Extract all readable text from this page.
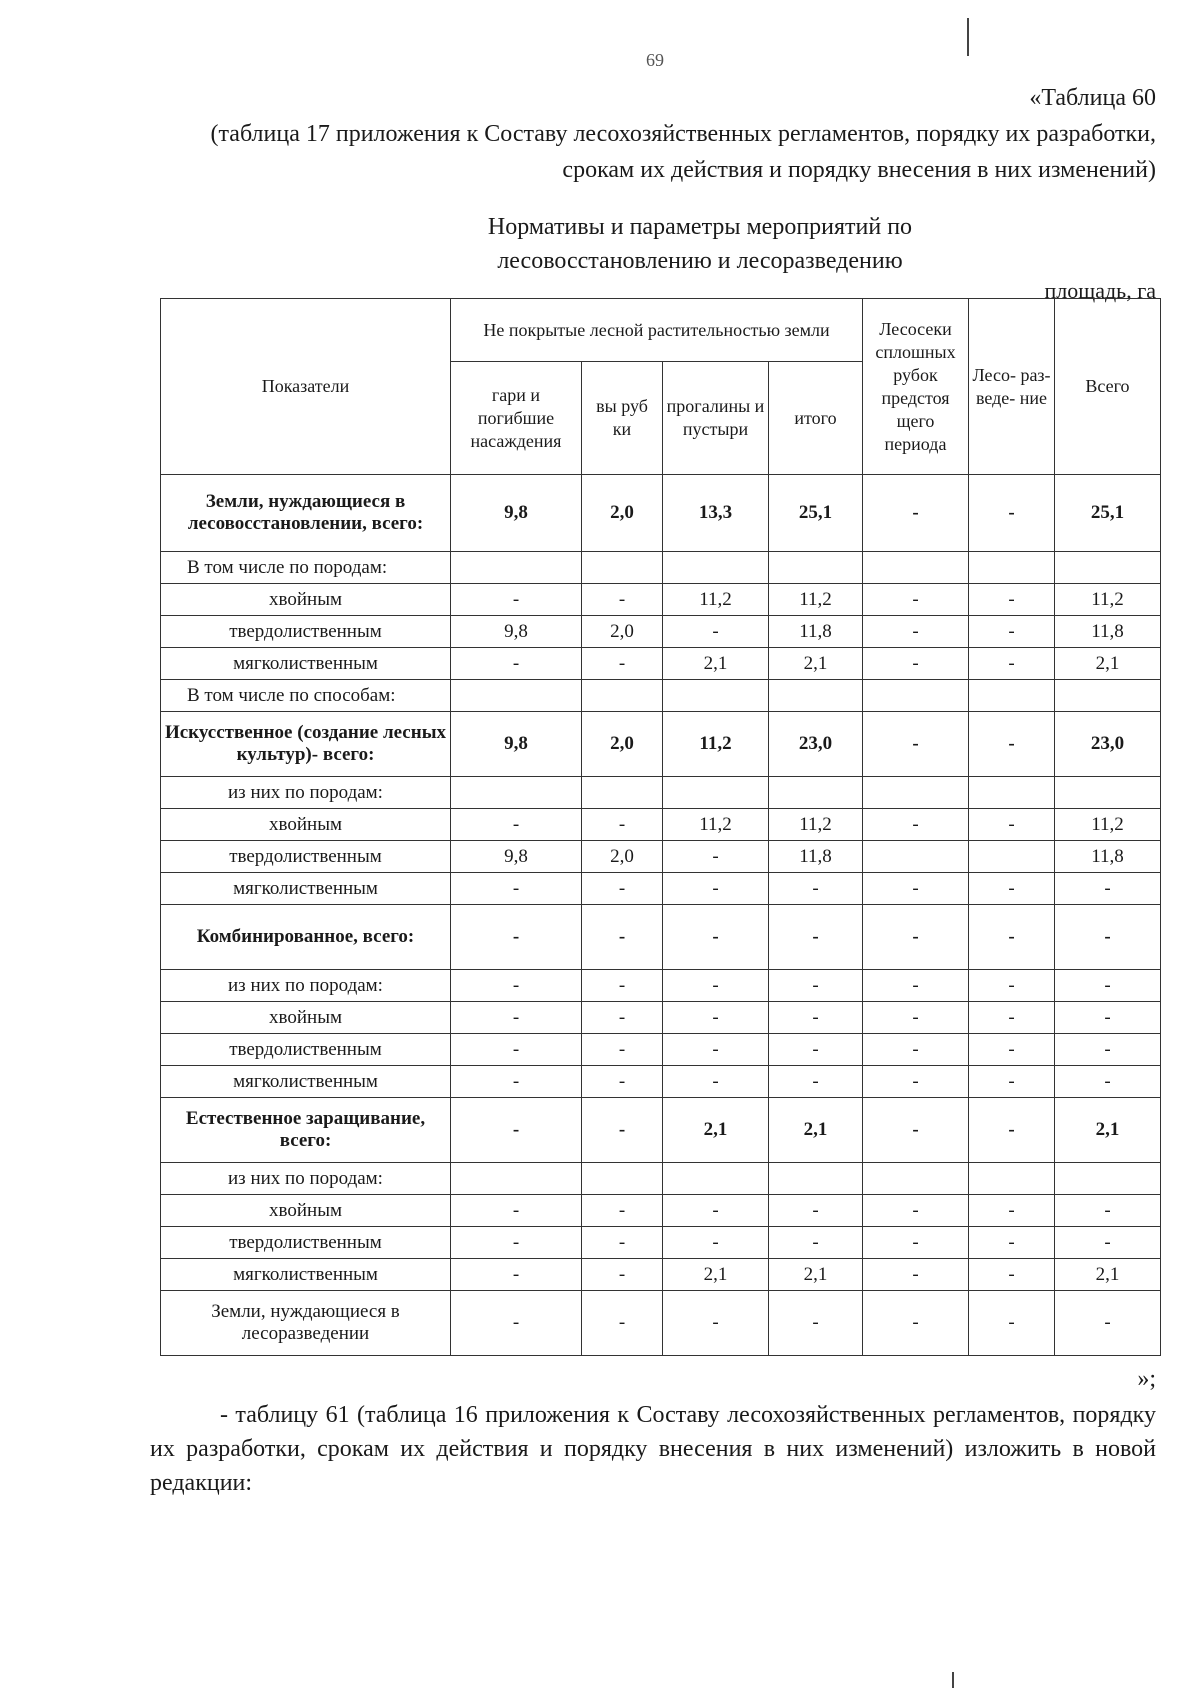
69
«Таблица 60
(таблица 17 приложения к Составу лесохозяйственных регламентов, порядку их разработки, срокам их действия и порядку внесения в них изменений)
Нормативы и параметры мероприятий по
лесовосстановлению и лесоразведению
площадь, га
Показатели	Не покрытые лесной растительностью земли				Лесосеки сплошных рубок предстоя щего периода	Лесо- раз-веде- ние	Всего
	гари и погибшие насаждения	вы руб ки	прогалины и пустыри	итого			
Земли, нуждающиеся в лесовосстановлении, всего:	9,8	2,0	13,3	25,1	-	-	25,1
В том числе по породам:							
хвойным	-	-	11,2	11,2	-	-	11,2
твердолиственным	9,8	2,0	-	11,8	-	-	11,8
мягколиственным	-	-	2,1	2,1	-	-	2,1
В том числе по способам:							
Искусственное (создание лесных культур)- всего:	9,8	2,0	11,2	23,0	-	-	23,0
из них по породам:							
хвойным	-	-	11,2	11,2	-	-	11,2
твердолиственным	9,8	2,0	-	11,8			11,8
мягколиственным	-	-	-	-	-	-	-
Комбинированное, всего:	-	-	-	-	-	-	-
из них по породам:	-	-	-	-	-	-	-
хвойным	-	-	-	-	-	-	-
твердолиственным	-	-	-	-	-	-	-
мягколиственным	-	-	-	-	-	-	-
Естественное заращивание, всего:	-	-	2,1	2,1	-	-	2,1
из них по породам:							
хвойным	-	-	-	-	-	-	-
твердолиственным	-	-	-	-	-	-	-
мягколиственным	-	-	2,1	2,1	-	-	2,1
Земли, нуждающиеся в лесоразведении	-	-	-	-	-	-	-
»;

- таблицу 61 (таблица 16 приложения к Составу лесохозяйственных регламентов, порядку их разработки, срокам их действия и порядку внесения в них изменений) изложить в новой редакции:
